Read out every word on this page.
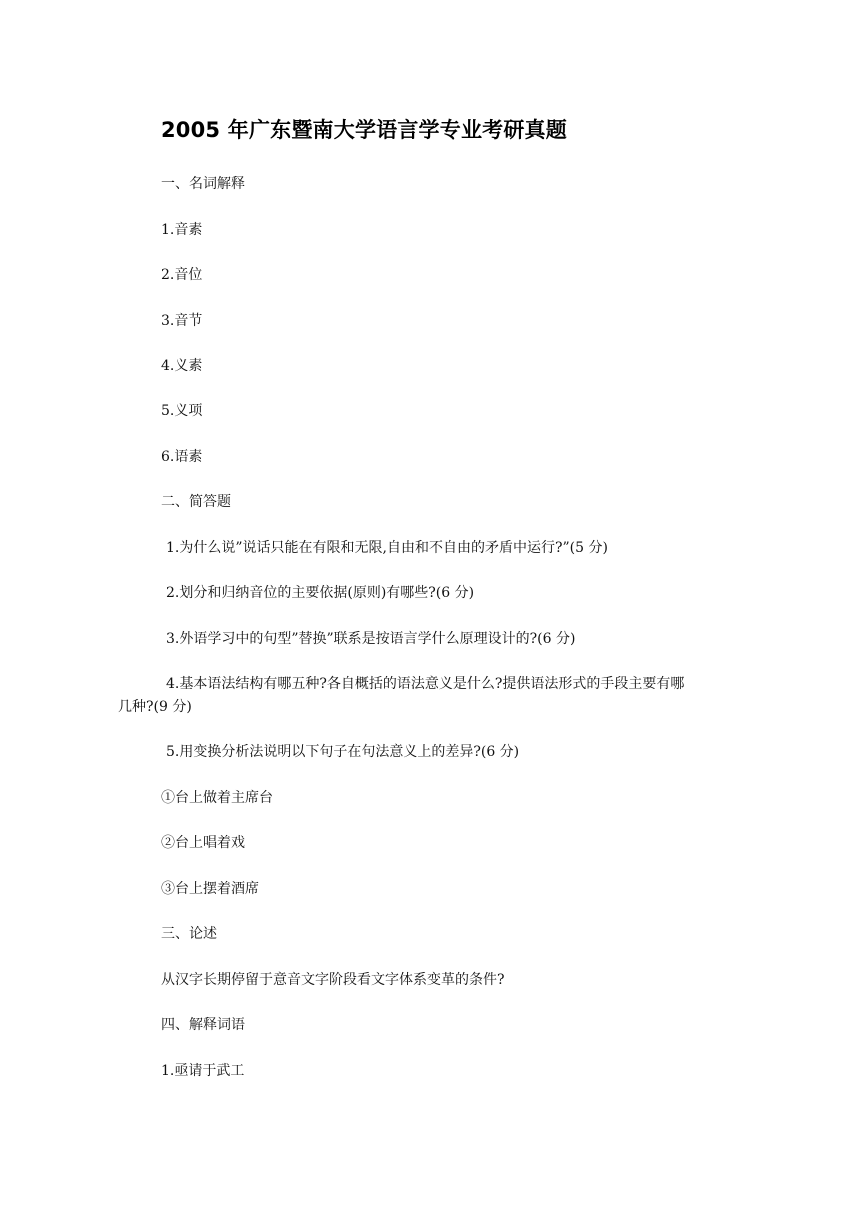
2005 年广东暨南大学语言学专业考研真题
一、名词解释
1.音素
2.音位
3.音节
4.义素
5.义项
6.语素
二、简答题
1.为什么说”说话只能在有限和无限,自由和不自由的矛盾中运行?”(5 分)
2.划分和归纳音位的主要依据(原则)有哪些?(6 分)
3.外语学习中的句型”替换”联系是按语言学什么原理设计的?(6 分)
4.基本语法结构有哪五种?各自概括的语法意义是什么?提供语法形式的手段主要有哪
几种?(9 分)
5.用变换分析法说明以下句子在句法意义上的差异?(6 分)
①台上做着主席台
②台上唱着戏
③台上摆着酒席
三、论述
从汉字长期停留于意音文字阶段看文字体系变革的条件?
四、解释词语
1.亟请于武工
